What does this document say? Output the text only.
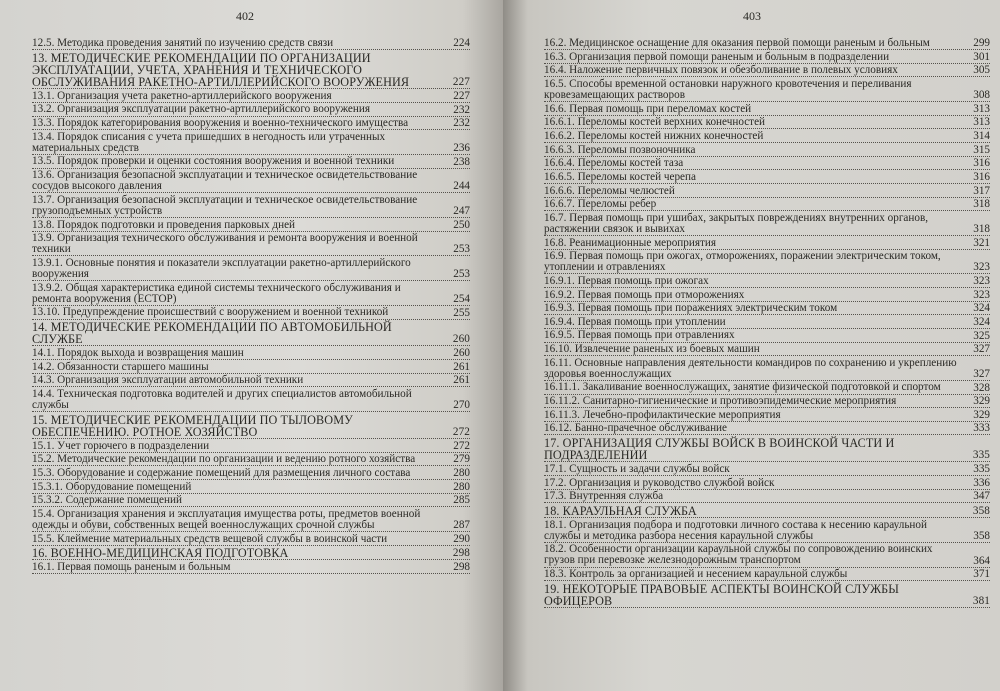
402
12.5. Методика проведения занятий по изучению средств связи	224
13. МЕТОДИЧЕСКИЕ РЕКОМЕНДАЦИИ ПО ОРГАНИЗАЦИИ ЭКСПЛУАТАЦИИ, УЧЕТА, ХРАНЕНИЯ И ТЕХНИЧЕСКОГО ОБСЛУЖИВАНИЯ РАКЕТНО-АРТИЛЛЕРИЙСКОГО ВООРУЖЕНИЯ	227
13.1. Организация учета ракетно-артиллерийского вооружения	227
13.2. Организация эксплуатации ракетно-артиллерийского вооружения	232
13.3. Порядок категорирования вооружения и военно-технического имущества	232
13.4. Порядок списания с учета пришедших в негодность или утраченных материальных средств	236
13.5. Порядок проверки и оценки состояния вооружения и военной техники	238
13.6. Организация безопасной эксплуатации и техническое освидетельствование сосудов высокого давления	244
13.7. Организация безопасной эксплуатации и техническое освидетельствование грузоподъемных устройств	247
13.8. Порядок подготовки и проведения парковых дней	250
13.9. Организация технического обслуживания и ремонта вооружения и военной техники	253
13.9.1. Основные понятия и показатели эксплуатации ракетно-артиллерийского вооружения	253
13.9.2. Общая характеристика единой системы технического обслуживания и ремонта вооружения (ЕСТОР)	254
13.10. Предупреждение происшествий с вооружением и военной техникой	255
14. МЕТОДИЧЕСКИЕ РЕКОМЕНДАЦИИ ПО АВТОМОБИЛЬНОЙ СЛУЖБЕ	260
14.1. Порядок выхода и возвращения машин	260
14.2. Обязанности старшего машины	261
14.3. Организация эксплуатации автомобильной техники	261
14.4. Техническая подготовка водителей и других специалистов автомобильной службы	270
15. МЕТОДИЧЕСКИЕ РЕКОМЕНДАЦИИ ПО ТЫЛОВОМУ ОБЕСПЕЧЕНИЮ. РОТНОЕ ХОЗЯЙСТВО	272
15.1. Учет горючего в подразделении	272
15.2. Методические рекомендации по организации и ведению ротного хозяйства	279
15.3. Оборудование и содержание помещений для размещения личного состава	280
15.3.1. Оборудование помещений	280
15.3.2. Содержание помещений	285
15.4. Организация хранения и эксплуатация имущества роты, предметов военной одежды и обуви, собственных вещей военнослужащих срочной службы	287
15.5. Клеймение материальных средств вещевой службы в воинской части	290
16. ВОЕННО-МЕДИЦИНСКАЯ ПОДГОТОВКА	298
16.1. Первая помощь раненым и больным	298
403
16.2. Медицинское оснащение для оказания первой помощи раненым и больным	299
16.3. Организация первой помощи раненым и больным в подразделении	301
16.4. Наложение первичных повязок и обезболивание в полевых условиях	305
16.5. Способы временной остановки наружного кровотечения и переливания кровезамещающих растворов	308
16.6. Первая помощь при переломах костей	313
16.6.1. Переломы костей верхних конечностей	313
16.6.2. Переломы костей нижних конечностей	314
16.6.3. Переломы позвоночника	315
16.6.4. Переломы костей таза	316
16.6.5. Переломы костей черепа	316
16.6.6. Переломы челюстей	317
16.6.7. Переломы ребер	318
16.7. Первая помощь при ушибах, закрытых повреждениях внутренних органов, растяжении связок и вывихах	318
16.8. Реанимационные мероприятия	321
16.9. Первая помощь при ожогах, отморожениях, поражении электрическим током, утоплении и отравлениях	323
16.9.1. Первая помощь при ожогах	323
16.9.2. Первая помощь при отморожениях	323
16.9.3. Первая помощь при поражениях электрическим током	324
16.9.4. Первая помощь при утоплении	324
16.9.5. Первая помощь при отравлениях	325
16.10. Извлечение раненых из боевых машин	327
16.11. Основные направления деятельности командиров по сохранению и укреплению здоровья военнослужащих	327
16.11.1. Закаливание военнослужащих, занятие физической подготовкой и спортом	328
16.11.2. Санитарно-гигиенические и противоэпидемические мероприятия	329
16.11.3. Лечебно-профилактические мероприятия	329
16.12. Банно-прачечное обслуживание	333
17. ОРГАНИЗАЦИЯ СЛУЖБЫ ВОЙСК В ВОИНСКОЙ ЧАСТИ И ПОДРАЗДЕЛЕНИИ	335
17.1. Сущность и задачи службы войск	335
17.2. Организация и руководство службой войск	336
17.3. Внутренняя служба	347
18. КАРАУЛЬНАЯ СЛУЖБА	358
18.1. Организация подбора и подготовки личного состава к несению караульной службы и методика разбора несения караульной службы	358
18.2. Особенности организации караульной службы по сопровождению воинских грузов при перевозке железнодорожным транспортом	364
18.3. Контроль за организацией и несением караульной службы	371
19. НЕКОТОРЫЕ ПРАВОВЫЕ АСПЕКТЫ ВОИНСКОЙ СЛУЖБЫ ОФИЦЕРОВ	381
